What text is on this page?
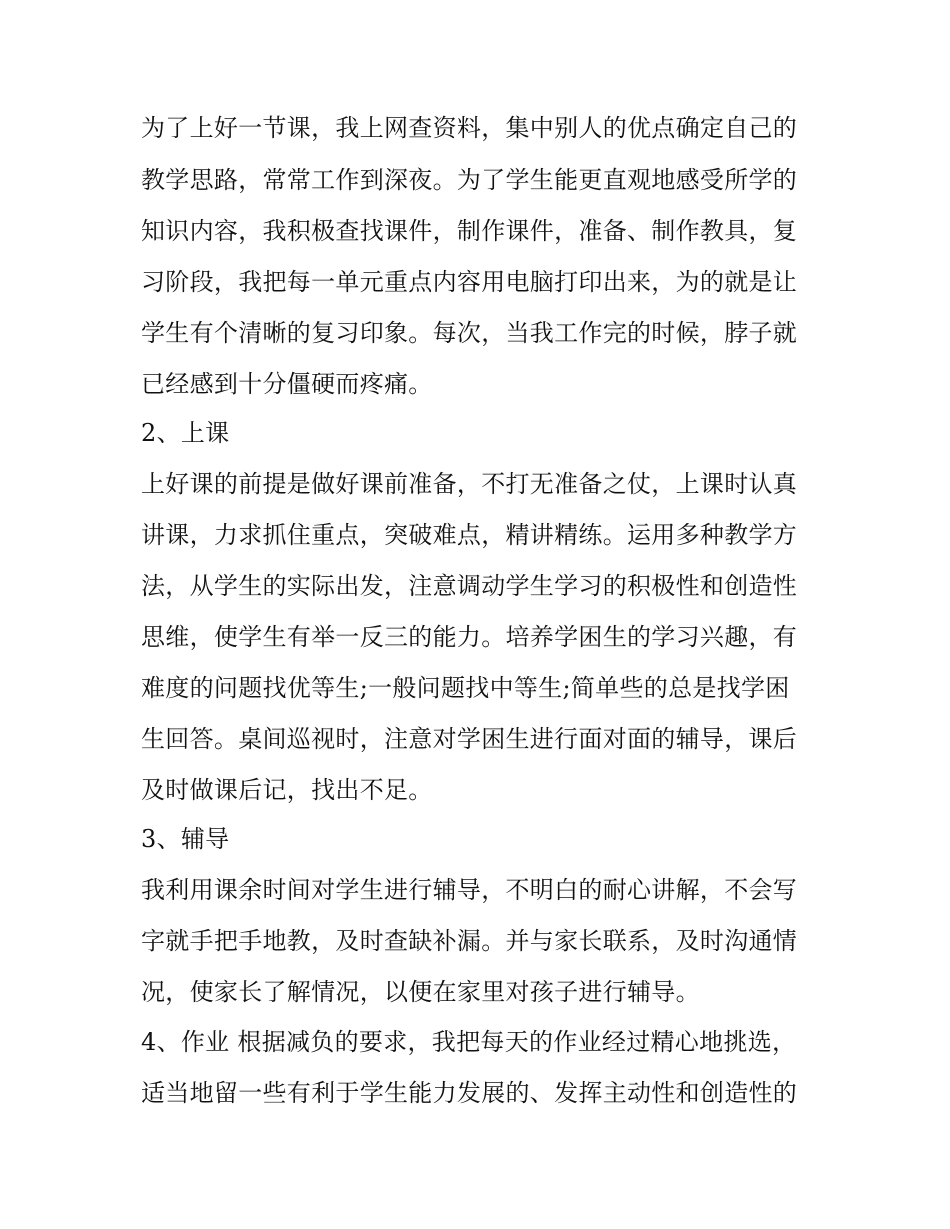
为了上好一节课，我上网查资料，集中别人的优点确定自己的
教学思路，常常工作到深夜。为了学生能更直观地感受所学的
知识内容，我积极查找课件，制作课件，准备、制作教具，复
习阶段，我把每一单元重点内容用电脑打印出来，为的就是让
学生有个清晰的复习印象。每次，当我工作完的时候，脖子就
已经感到十分僵硬而疼痛。
2、上课
上好课的前提是做好课前准备，不打无准备之仗，上课时认真
讲课，力求抓住重点，突破难点，精讲精练。运用多种教学方
法，从学生的实际出发，注意调动学生学习的积极性和创造性
思维，使学生有举一反三的能力。培养学困生的学习兴趣，有
难度的问题找优等生;一般问题找中等生;简单些的总是找学困
生回答。桌间巡视时，注意对学困生进行面对面的辅导，课后
及时做课后记，找出不足。
3、辅导
我利用课余时间对学生进行辅导，不明白的耐心讲解，不会写
字就手把手地教，及时查缺补漏。并与家长联系，及时沟通情
况，使家长了解情况，以便在家里对孩子进行辅导。
4、作业 根据减负的要求，我把每天的作业经过精心地挑选，
适当地留一些有利于学生能力发展的、发挥主动性和创造性的
